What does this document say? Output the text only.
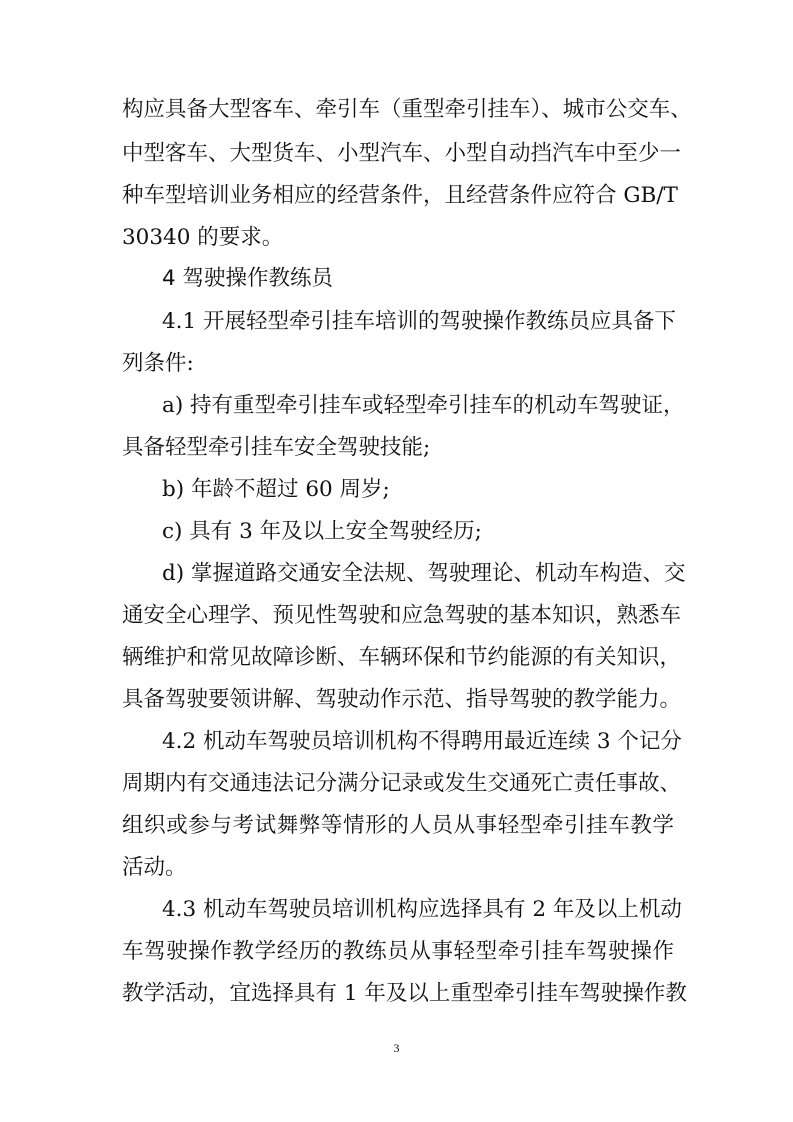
构应具备大型客车、牵引车（重型牵引挂车）、城市公交车、
中型客车、大型货车、小型汽车、小型自动挡汽车中至少一
种车型培训业务相应的经营条件，且经营条件应符合 GB/T
30340 的要求。
4 驾驶操作教练员
4.1 开展轻型牵引挂车培训的驾驶操作教练员应具备下
列条件:
a) 持有重型牵引挂车或轻型牵引挂车的机动车驾驶证，
具备轻型牵引挂车安全驾驶技能;
b) 年龄不超过 60 周岁;
c) 具有 3 年及以上安全驾驶经历;
d) 掌握道路交通安全法规、驾驶理论、机动车构造、交
通安全心理学、预见性驾驶和应急驾驶的基本知识，熟悉车
辆维护和常见故障诊断、车辆环保和节约能源的有关知识，
具备驾驶要领讲解、驾驶动作示范、指导驾驶的教学能力。
4.2 机动车驾驶员培训机构不得聘用最近连续 3 个记分
周期内有交通违法记分满分记录或发生交通死亡责任事故、
组织或参与考试舞弊等情形的人员从事轻型牵引挂车教学
活动。
4.3 机动车驾驶员培训机构应选择具有 2 年及以上机动
车驾驶操作教学经历的教练员从事轻型牵引挂车驾驶操作
教学活动，宜选择具有 1 年及以上重型牵引挂车驾驶操作教
3
